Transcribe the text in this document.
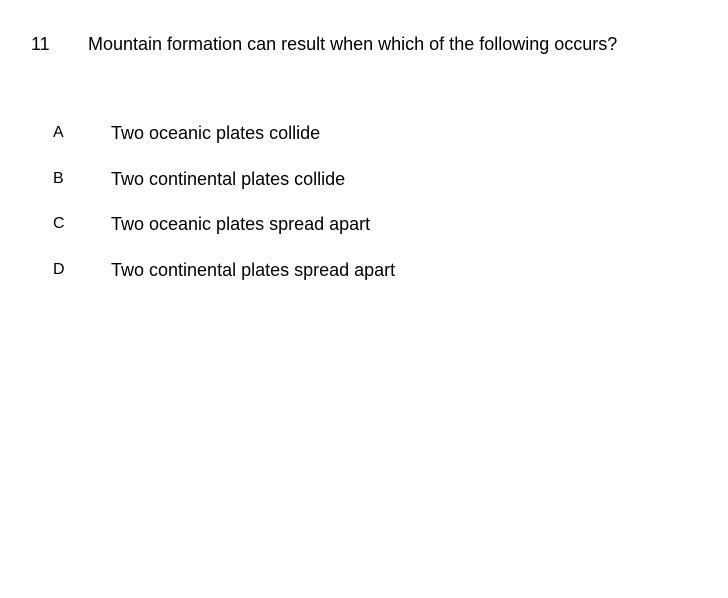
11 Mountain formation can result when which of the following occurs?
A	Two oceanic plates collide
B	Two continental plates collide
C	Two oceanic plates spread apart
D	Two continental plates spread apart
